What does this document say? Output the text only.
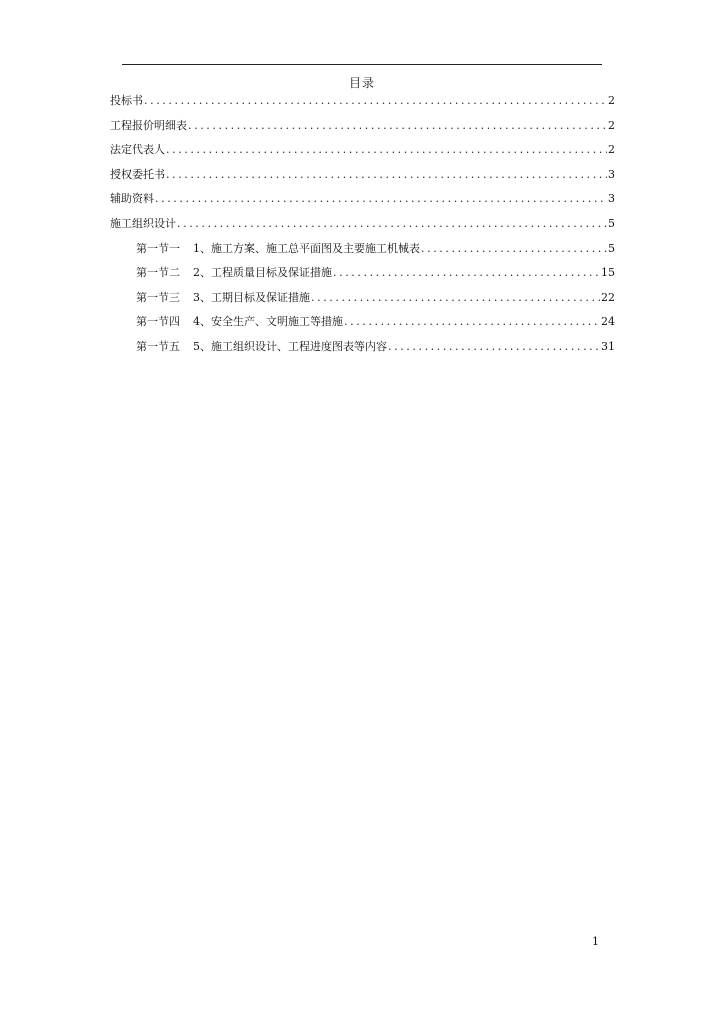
目录
投标书 .....	2
工程报价明细表 .....	2
法定代表人 .....	2
授权委托书 .....	3
辅助资料 .....	3
施工组织设计 .....	5
第一节一 1、施工方案、施工总平面图及主要施工机械表 .....	5
第一节二 2、工程质量目标及保证措施 .....	15
第一节三 3、工期目标及保证措施 .....	22
第一节四 4、安全生产、文明施工等措施 .....	24
第一节五 5、施工组织设计、工程进度图表等内容 .....	31
1
